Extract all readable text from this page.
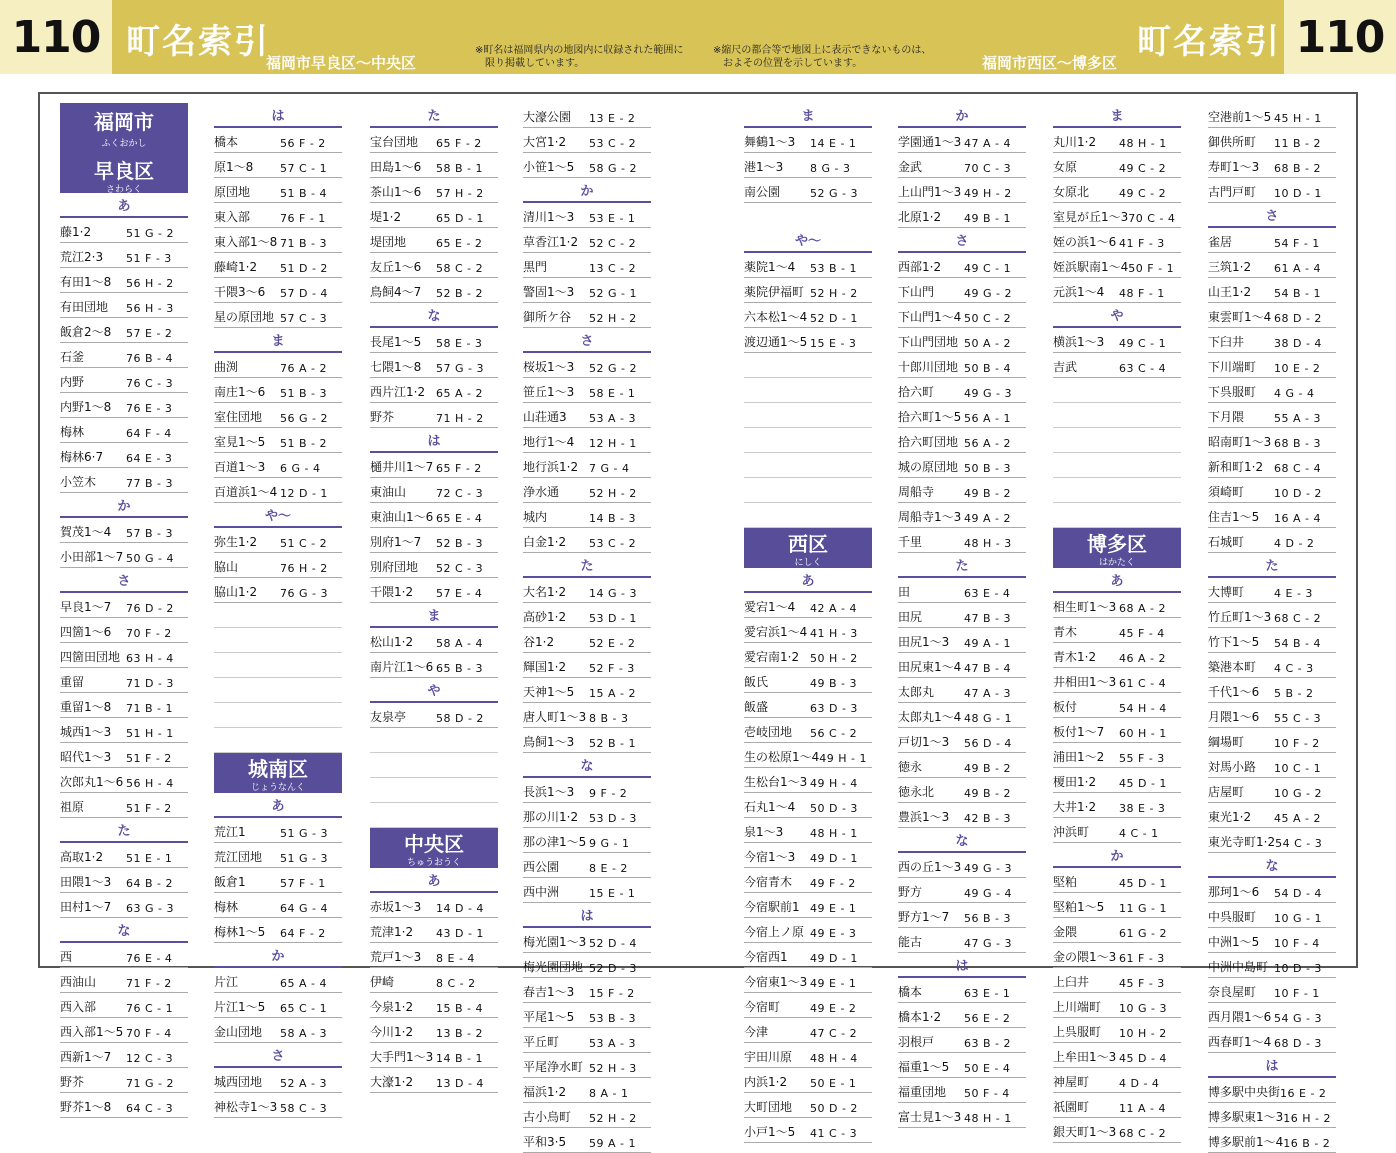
110 町名索引
福岡市早良区〜中央区
※町名は福岡県内の地図内に収録された範囲に
　限り掲載しています。
※縮尺の都合等で地図上に表示できないものは、
　およその位置を示しています。	福岡市西区〜博多区
町名索引 110
福岡市
ふくおかし
早良区
さわらく
あ
藤1·2	51 G - 2
荒江2·3	51 F - 3
有田1〜8	56 H - 2
有田団地	56 H - 3
飯倉2〜8	57 E - 2
石釜	76 B - 4
内野	76 C - 3
内野1〜8	76 E - 3
梅林	64 F - 4
梅林6·7	64 E - 3
小笠木	77 B - 3
か
賀茂1〜4	57 B - 3
小田部1〜7 50 G - 4
さ
早良1〜7	76 D - 2
四箇1〜6	70 F - 2
四箇田団地 63 H - 4
重留	71 D - 3
重留1〜8	71 B - 1
城西1〜3	51 H - 1
昭代1〜3	51 F - 2
次郎丸1〜6 56 H - 4
祖原	51 F - 2
た
高取1·2	51 E - 1
田隈1〜3	64 B - 2
田村1〜7	63 G - 3
な
西	76 E - 4
西油山	71 F - 2
西入部	76 C - 1
西入部1〜5 70 F - 4
西新1〜7	12 C - 3
野芥	71 G - 2
野芥1〜8	64 C - 3
は
橋本	56 F - 2
原1〜8	57 C - 1
原団地	51 B - 4
東入部	76 F - 1
東入部1〜8 71 B - 3
藤崎1·2	51 D - 2
干隈3〜6	57 D - 4
星の原団地 57 C - 3
ま
曲渕	76 A - 2
南庄1〜6	51 B - 3
室住団地	56 G - 2
室見1〜5	51 B - 2
百道1〜3	6 G - 4
百道浜1〜4 12 D - 1
や〜
弥生1·2	51 C - 2
脇山	76 H - 2
脇山1·2	76 G - 3
城南区
じょうなんく
あ
荒江1	51 G - 3
荒江団地	51 G - 3
飯倉1	57 F - 1
梅林	64 G - 4
梅林1〜5	64 F - 2
か
片江	65 A - 4
片江1〜5	65 C - 1
金山団地	58 A - 3
さ
城西団地	52 A - 3
神松寺1〜3 58 C - 3
た
宝台団地	65 F - 2
田島1〜6	58 B - 1
茶山1〜6	57 H - 2
堤1·2	65 D - 1
堤団地	65 E - 2
友丘1〜6	58 C - 2
鳥飼4〜7	52 B - 2
な
長尾1〜5	58 E - 3
七隈1〜8	57 G - 3
西片江1·2 65 A - 2
野芥	71 H - 2
は
樋井川1〜7 65 F - 2
東油山	72 C - 3
東油山1〜6 65 E - 4
別府1〜7	52 B - 3
別府団地	52 C - 3
干隈1·2	57 E - 4
ま
松山1·2	58 A - 4
南片江1〜6 65 B - 3
や
友泉亭	58 D - 2
中央区
ちゅうおうく
あ
赤坂1〜3	14 D - 4
荒津1·2	43 D - 1
荒戸1〜3	8 E - 4
伊崎	8 C - 2
今泉1·2	15 B - 4
今川1·2	13 B - 2
大手門1〜3 14 B - 1
大濠1·2	13 D - 4
大濠公園	13 E - 2
大宮1·2	53 C - 2
小笹1〜5	58 G - 2
か
清川1〜3	53 E - 1
草香江1·2 52 C - 2
黒門	13 C - 2
警固1〜3	52 G - 1
御所ケ谷	52 H - 2
さ
桜坂1〜3	52 G - 2
笹丘1〜3	58 E - 1
山荘通3	53 A - 3
地行1〜4	12 H - 1
地行浜1·2 7 G - 4
浄水通	52 H - 2
城内	14 B - 3
白金1·2	53 C - 2
た
大名1·2	14 G - 3
高砂1·2	53 D - 1
谷1·2	52 E - 2
輝国1·2	52 F - 3
天神1〜5	15 A - 2
唐人町1〜3 8 B - 3
鳥飼1〜3	52 B - 1
な
長浜1〜3	9 F - 2
那の川1·2 53 D - 3
那の津1〜5 9 G - 1
西公園	8 E - 2
西中洲	15 E - 1
は
梅光園1〜3 52 D - 4
梅光園団地 52 D - 3
春吉1〜3	15 F - 2
平尾1〜5	53 B - 3
平丘町	53 A - 3
平尾浄水町 52 H - 3
福浜1·2	8 A - 1
古小烏町	52 H - 2
平和3·5	59 A - 1
ま
舞鶴1〜3	14 E - 1
港1〜3	8 G - 3
南公園	52 G - 3
や〜
薬院1〜4	53 B - 1
薬院伊福町 52 H - 2
六本松1〜4 52 D - 1
渡辺通1〜5 15 E - 3
西区
にしく
あ
愛宕1〜4	42 A - 4
愛宕浜1〜4 41 H - 3
愛宕南1·2 50 H - 2
飯氏	49 B - 3
飯盛	63 D - 3
壱岐団地	56 C - 2
生の松原1〜4 49 H - 1
生松台1〜3 49 H - 4
石丸1〜4	50 D - 3
泉1〜3	48 H - 1
今宿1〜3	49 D - 1
今宿青木	49 F - 2
今宿駅前1 49 E - 1
今宿上ノ原 49 E - 3
今宿西1	49 D - 1
今宿東1〜3 49 E - 1
今宿町	49 E - 2
今津	47 C - 2
宇田川原	48 H - 4
内浜1·2	50 E - 1
大町団地	50 D - 2
小戸1〜5	41 C - 3
か
学園通1〜3 47 A - 4
金武	70 C - 3
上山門1〜3 49 H - 2
北原1·2	49 B - 1
さ
西部1·2	49 C - 1
下山門	49 G - 2
下山門1〜4 50 C - 2
下山門団地 50 A - 2
十郎川団地 50 B - 4
拾六町	49 G - 3
拾六町1〜5 56 A - 1
拾六町団地 56 A - 2
城の原団地 50 B - 3
周船寺	49 B - 2
周船寺1〜3 49 A - 2
千里	48 H - 3
た
田	63 E - 4
田尻	47 B - 3
田尻1〜3	49 A - 1
田尻東1〜4 47 B - 4
太郎丸	47 A - 3
太郎丸1〜4 48 G - 1
戸切1〜3	56 D - 4
徳永	49 B - 2
徳永北	49 B - 2
豊浜1〜3	42 B - 3
な
西の丘1〜3 49 G - 3
野方	49 G - 4
野方1〜7	56 B - 3
能古	47 G - 3
は
橋本	63 E - 1
橋本1·2	56 E - 2
羽根戸	63 B - 2
福重1〜5	50 E - 4
福重団地	50 F - 4
富士見1〜3 48 H - 1
ま
丸川1·2	48 H - 1
女原	49 C - 2
女原北	49 C - 2
室見が丘1〜3 70 C - 4
姪の浜1〜6 41 F - 3
姪浜駅南1〜4 50 F - 1
元浜1〜4	48 F - 1
や
横浜1〜3	49 C - 1
吉武	63 C - 4
博多区
はかたく
あ
相生町1〜3 68 A - 2
青木	45 F - 4
青木1·2	46 A - 2
井相田1〜3 61 C - 4
板付	54 H - 4
板付1〜7	60 H - 1
浦田1〜2	55 F - 3
榎田1·2	45 D - 1
大井1·2	38 E - 3
沖浜町	4 C - 1
か
堅粕	45 D - 1
堅粕1〜5	11 G - 1
金隈	61 G - 2
金の隈1〜3 61 F - 3
上臼井	45 F - 3
上川端町	10 G - 3
上呉服町	10 H - 2
上牟田1〜3 45 D - 4
神屋町	4 D - 4
祇園町	11 A - 4
銀天町1〜3 68 C - 2
空港前1〜5 45 H - 1
御供所町	11 B - 2
寿町1〜3	68 B - 2
古門戸町	10 D - 1
さ
雀居	54 F - 1
三筑1·2	61 A - 4
山王1·2	54 B - 1
東雲町1〜4 68 D - 2
下臼井	38 D - 4
下川端町	10 E - 2
下呉服町	4 G - 4
下月隈	55 A - 3
昭南町1〜3 68 B - 3
新和町1·2 68 C - 4
須崎町	10 D - 2
住吉1〜5	16 A - 4
石城町	4 D - 2
た
大博町	4 E - 3
竹丘町1〜3 68 C - 2
竹下1〜5	54 B - 4
築港本町	4 C - 3
千代1〜6	5 B - 2
月隈1〜6	55 C - 3
綱場町	10 F - 2
対馬小路	10 C - 1
店屋町	10 G - 2
東光1·2	45 A - 2
東光寺町1·2 54 C - 3
な
那珂1〜6	54 D - 4
中呉服町	10 G - 1
中洲1〜5	10 F - 4
中洲中島町 10 D - 3
奈良屋町	10 F - 1
西月隈1〜6 54 G - 3
西春町1〜4 68 D - 3
は
博多駅中央街 16 E - 2
博多駅東1〜3 16 H - 2
博多駅前1〜4 16 B - 2
